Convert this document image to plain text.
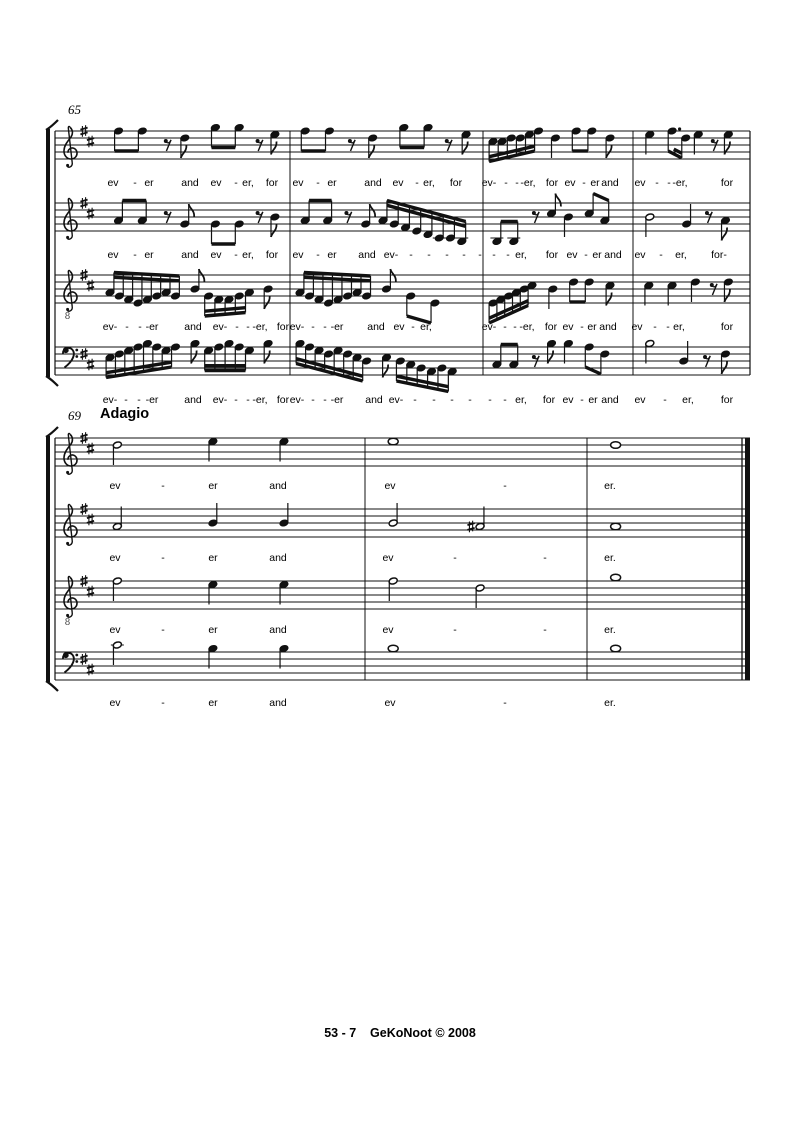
8
8
ev - er	and ev - er, for ev - er	and ev - er, for ev- - - -er, for ev - er and ev - - -er,	for
ev - er	and ev - er, for ev - er and ev- - - - - - - - er, for ev - er and ev - er, for-
ev- - - -er and ev- - - -er, for ev- - - -er and ev - er,	ev- - - -er, for ev - er and ev - - er,	for
ev- - - -er and ev- - - -er, for ev- - - -er and ev- - - - - - - er, for ev - er and ev - er,	for
ev	-	er	and	ev	-	er.
ev	-	er	and	ev	-	-	er.
ev	-	er	and	ev	-	-	er.
ev	-	er	and	ev	-	er.
65
69 Adagio
53 - 7    GeKoNoot © 2008
